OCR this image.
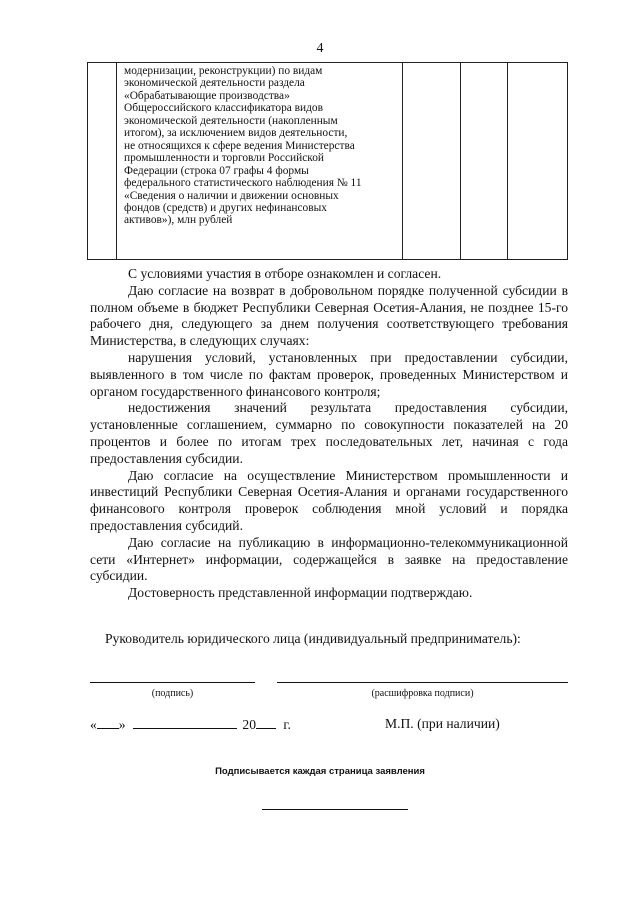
4
модернизации, реконструкции) по видам
экономической деятельности раздела
«Обрабатывающие производства»
Общероссийского классификатора видов
экономической деятельности (накопленным
итогом), за исключением видов деятельности,
не относящихся к сфере ведения Министерства
промышленности и торговли Российской
Федерации (строка 07 графы 4 формы
федерального статистического наблюдения № 11
«Сведения о наличии и движении основных
фондов (средств) и других нефинансовых
активов»), млн рублей

С условиями участия в отборе ознакомлен и согласен.

Даю согласие на возврат в добровольном порядке полученной субсидии в полном объеме в бюджет Республики Северная Осетия-Алания, не позднее 15-го рабочего дня, следующего за днем получения соответствующего требования Министерства, в следующих случаях:

нарушения условий, установленных при предоставлении субсидии, выявленного в том числе по фактам проверок, проведенных Министерством и органом государственного финансового контроля;

недостижения значений результата предоставления субсидии, установленные соглашением, суммарно по совокупности показателей на 20 процентов и более по итогам трех последовательных лет, начиная с года предоставления субсидии.

Даю согласие на осуществление Министерством промышленности и инвестиций Республики Северная Осетия-Алания и органами государственного финансового контроля проверок соблюдения мной условий и порядка предоставления субсидий.

Даю согласие на публикацию в информационно-телекоммуникационной сети «Интернет» информации, содержащейся в заявке на предоставление субсидии.

Достоверность представленной информации подтверждаю.

Руководитель юридического лица (индивидуальный предприниматель):
(подпись)	(расшифровка подписи)
« »	20 г.	М.П. (при наличии)
Подписывается каждая страница заявления
